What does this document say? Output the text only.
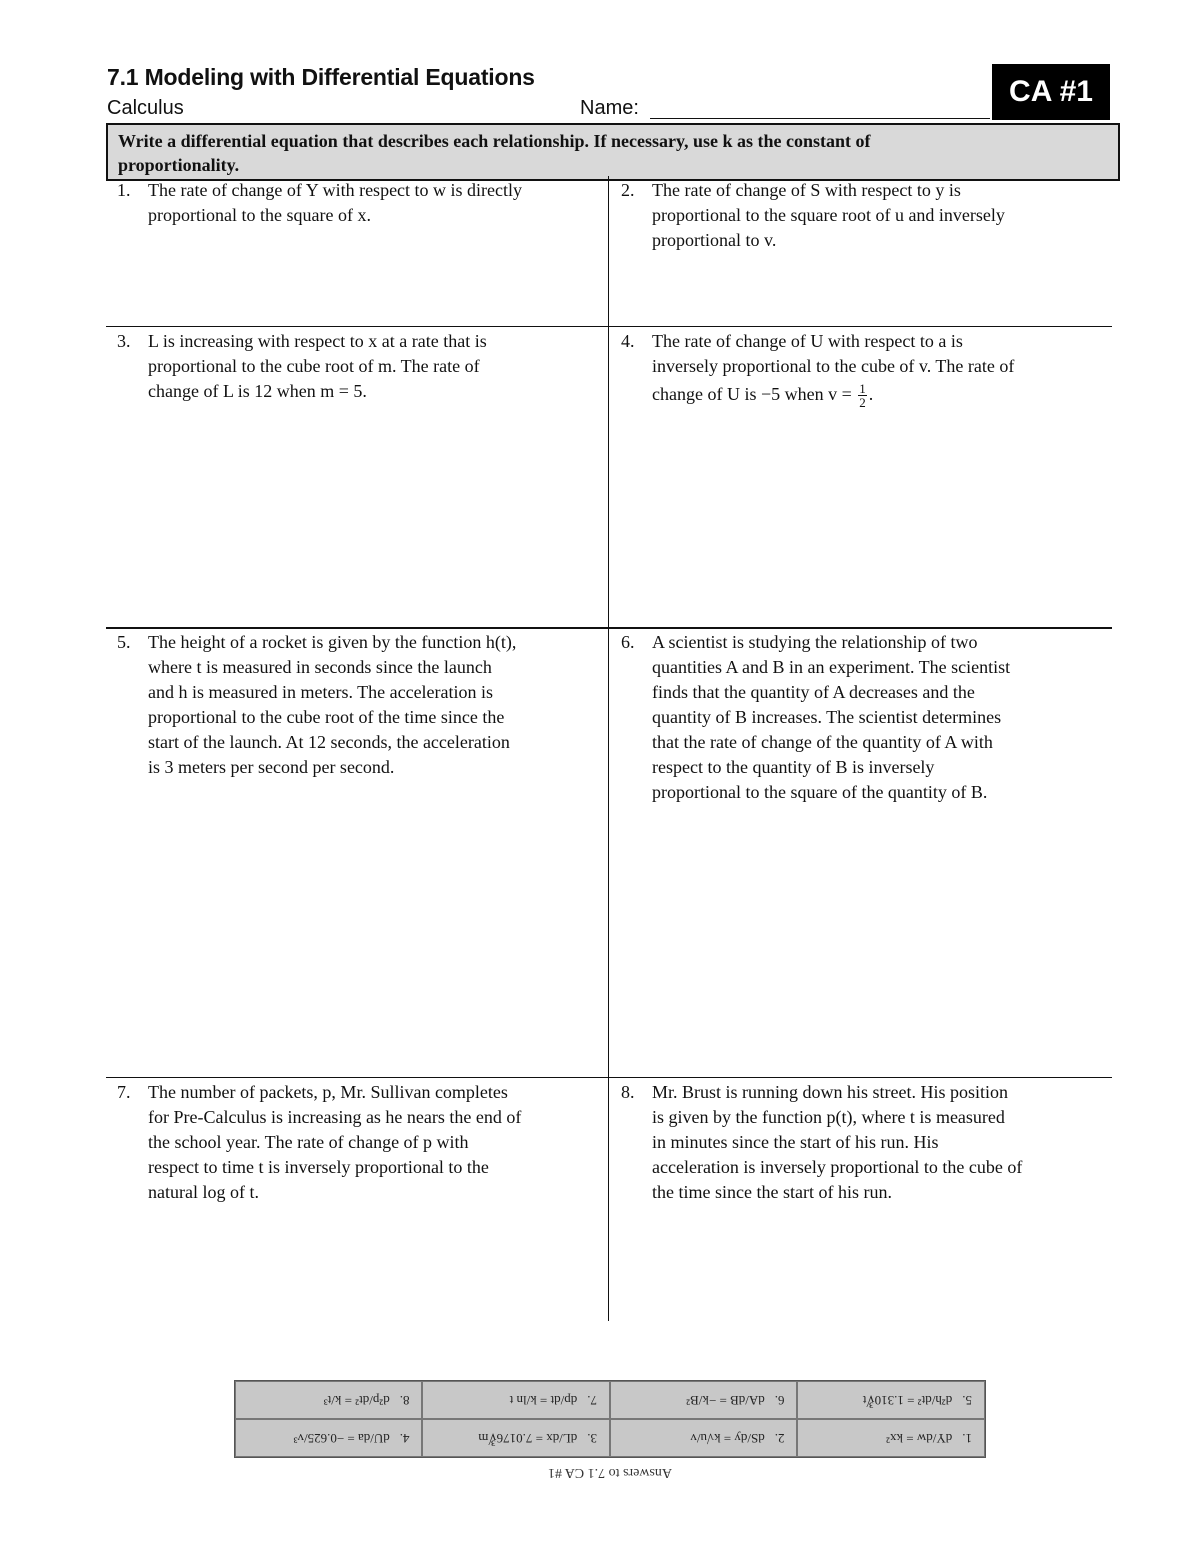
7.1 Modeling with Differential Equations
Calculus	Name:	CA #1
Write a differential equation that describes each relationship. If necessary, use k as the constant of
proportionality.
1. The rate of change of Y with respect to w is directly
proportional to the square of x.
2. The rate of change of S with respect to y is
proportional to the square root of u and inversely
proportional to v.
3. L is increasing with respect to x at a rate that is
proportional to the cube root of m. The rate of
change of L is 12 when m = 5.
4. The rate of change of U with respect to a is
inversely proportional to the cube of v. The rate of
change of U is −5 when $v = \frac{1}{2}$ .
5. The height of a rocket is given by the function h(t),
where t is measured in seconds since the launch
and h is measured in meters. The acceleration is
proportional to the cube root of the time since the
start of the launch. At 12 seconds, the acceleration
is 3 meters per second per second.
6. A scientist is studying the relationship of two
quantities A and B in an experiment. The scientist
finds that the quantity of A decreases and the
quantity of B increases. The scientist determines
that the rate of change of the quantity of A with
respect to the quantity of B is inversely
proportional to the square of the quantity of B.
7. The number of packets, p, Mr. Sullivan completes
for Pre-Calculus is increasing as he nears the end of
the school year. The rate of change of p with
respect to time t is inversely proportional to the
natural log of t.
8. Mr. Brust is running down his street. His position
is given by the function p(t), where t is measured
in minutes since the start of his run. His
acceleration is inversely proportional to the cube of
the time since the start of his run.
Answers to 7.1 CA #1
1.
dY/dw = kx²
2.
dS/dy = k√u/v
3.
dL/dx = 7.0176∛m
4.
dU/da = −0.625/v³
5.
d²h/dt² = 1.310∛t
6.
dA/dB = −k/B²
7.
dp/dt = k/ln t
8.
d²p/dt² = k/t³
